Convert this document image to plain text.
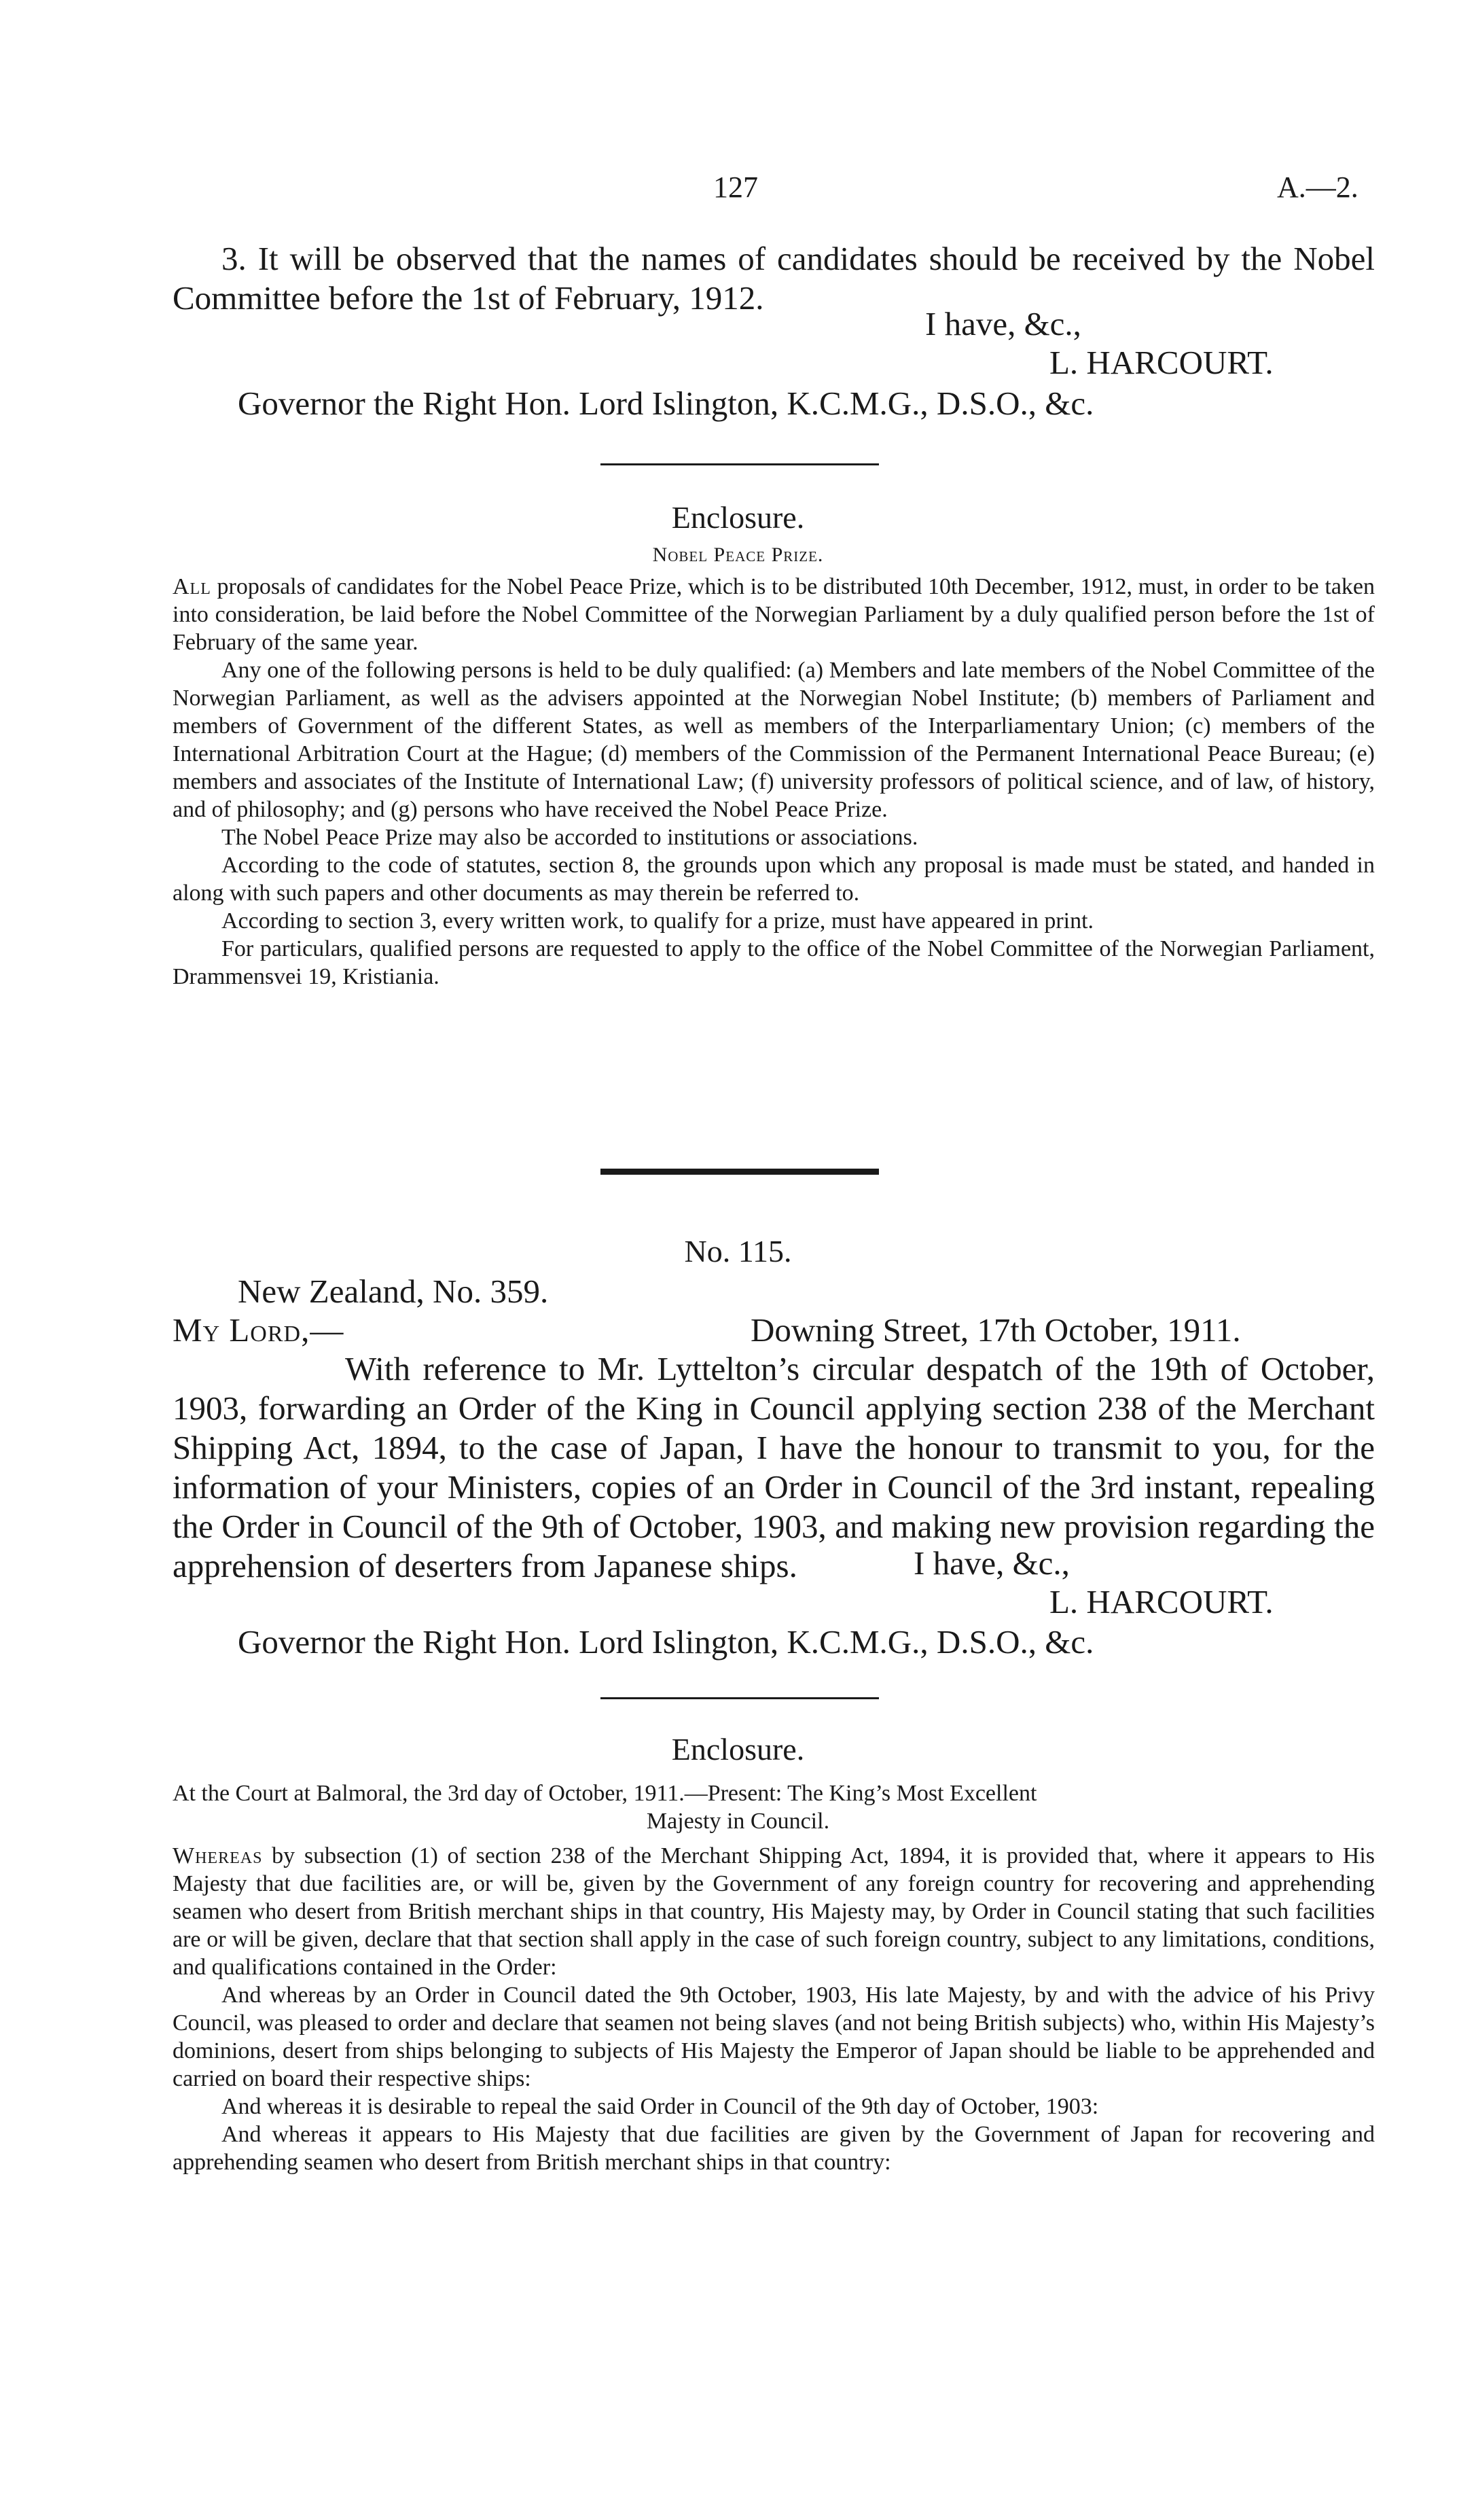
127	A.—2.
3. It will be observed that the names of candidates should be received by the Nobel Committee before the 1st of February, 1912.
I have, &c.,
L. HARCOURT.
Governor the Right Hon. Lord Islington, K.C.M.G., D.S.O., &c.
Enclosure.
Nobel Peace Prize.

All proposals of candidates for the Nobel Peace Prize, which is to be distributed 10th December, 1912, must, in order to be taken into consideration, be laid before the Nobel Committee of the Norwegian Parliament by a duly qualified person before the 1st of February of the same year.

Any one of the following persons is held to be duly qualified: (a) Members and late members of the Nobel Committee of the Norwegian Parliament, as well as the advisers appointed at the Norwegian Nobel Institute; (b) members of Parliament and members of Government of the different States, as well as members of the Interparliamentary Union; (c) members of the International Arbitration Court at the Hague; (d) members of the Commission of the Permanent International Peace Bureau; (e) members and associates of the Institute of International Law; (f) university professors of political science, and of law, of history, and of philosophy; and (g) persons who have received the Nobel Peace Prize.

The Nobel Peace Prize may also be accorded to institutions or associations.

According to the code of statutes, section 8, the grounds upon which any proposal is made must be stated, and handed in along with such papers and other documents as may therein be referred to.

According to section 3, every written work, to qualify for a prize, must have appeared in print.

For particulars, qualified persons are requested to apply to the office of the Nobel Committee of the Norwegian Parliament, Drammensvei 19, Kristiania.

No. 115.
New Zealand, No. 359.
My Lord,—	Downing Street, 17th October, 1911.
With reference to Mr. Lyttelton’s circular despatch of the 19th of October, 1903, forwarding an Order of the King in Council applying section 238 of the Merchant Shipping Act, 1894, to the case of Japan, I have the honour to transmit to you, for the information of your Ministers, copies of an Order in Council of the 3rd instant, repealing the Order in Council of the 9th of October, 1903, and making new provision regarding the apprehension of deserters from Japanese ships.	I have, &c.,
L. HARCOURT.
Governor the Right Hon. Lord Islington, K.C.M.G., D.S.O., &c.
Enclosure.
At the Court at Balmoral, the 3rd day of October, 1911.—Present: The King’s Most Excellent
Majesty in Council.

Whereas by subsection (1) of section 238 of the Merchant Shipping Act, 1894, it is provided that, where it appears to His Majesty that due facilities are, or will be, given by the Government of any foreign country for recovering and apprehending seamen who desert from British merchant ships in that country, His Majesty may, by Order in Council stating that such facilities are or will be given, declare that that section shall apply in the case of such foreign country, subject to any limitations, conditions, and qualifications contained in the Order:

And whereas by an Order in Council dated the 9th October, 1903, His late Majesty, by and with the advice of his Privy Council, was pleased to order and declare that seamen not being slaves (and not being British subjects) who, within His Majesty’s dominions, desert from ships belonging to subjects of His Majesty the Emperor of Japan should be liable to be apprehended and carried on board their respective ships:

And whereas it is desirable to repeal the said Order in Council of the 9th day of October, 1903:

And whereas it appears to His Majesty that due facilities are given by the Government of Japan for recovering and apprehending seamen who desert from British merchant ships in that country:
